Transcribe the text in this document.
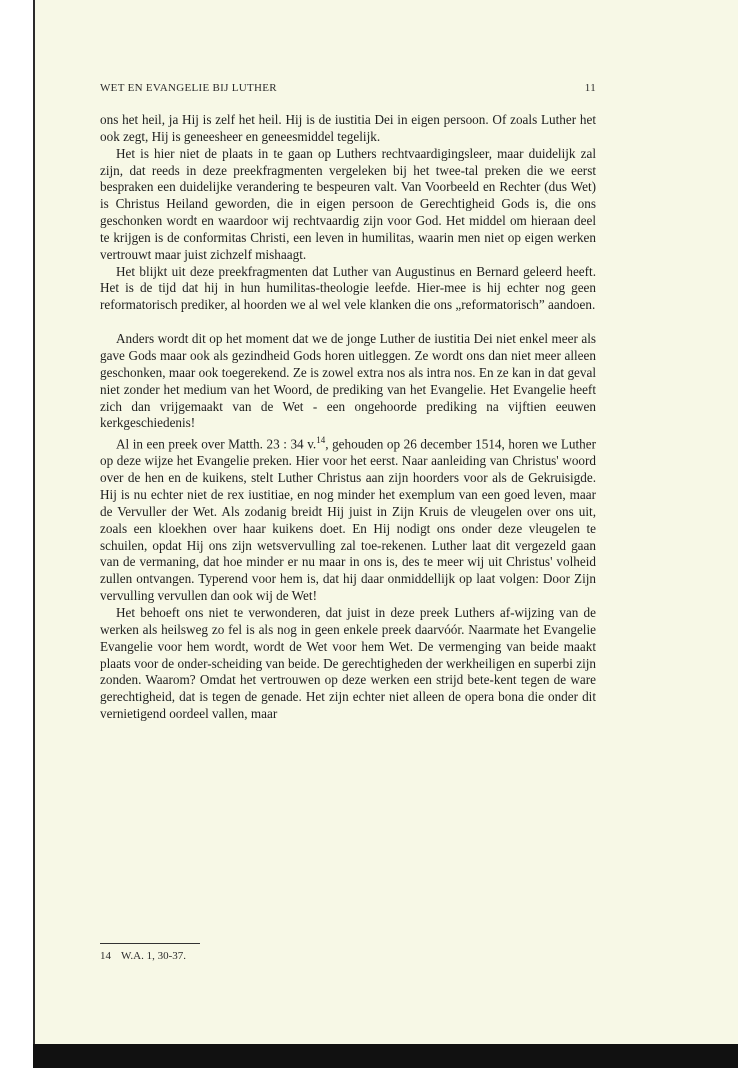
WET EN EVANGELIE BIJ LUTHER	11

ons het heil, ja Hij is zelf het heil. Hij is de iustitia Dei in eigen persoon. Of zoals Luther het ook zegt, Hij is geneesheer en geneesmiddel tegelijk.

Het is hier niet de plaats in te gaan op Luthers rechtvaardigingsleer, maar duidelijk zal zijn, dat reeds in deze preekfragmenten vergeleken bij het twee-tal preken die we eerst bespraken een duidelijke verandering te bespeuren valt. Van Voorbeeld en Rechter (dus Wet) is Christus Heiland geworden, die in eigen persoon de Gerechtigheid Gods is, die ons geschonken wordt en waardoor wij rechtvaardig zijn voor God. Het middel om hieraan deel te krijgen is de conformitas Christi, een leven in humilitas, waarin men niet op eigen werken vertrouwt maar juist zichzelf mishaagt.

Het blijkt uit deze preekfragmenten dat Luther van Augustinus en Bernard geleerd heeft. Het is de tijd dat hij in hun humilitas-theologie leefde. Hier-mee is hij echter nog geen reformatorisch prediker, al hoorden we al wel vele klanken die ons „reformatorisch” aandoen.

Anders wordt dit op het moment dat we de jonge Luther de iustitia Dei niet enkel meer als gave Gods maar ook als gezindheid Gods horen uitleggen. Ze wordt ons dan niet meer alleen geschonken, maar ook toegerekend. Ze is zowel extra nos als intra nos. En ze kan in dat geval niet zonder het medium van het Woord, de prediking van het Evangelie. Het Evangelie heeft zich dan vrijgemaakt van de Wet - een ongehoorde prediking na vijftien eeuwen kerkgeschiedenis!

Al in een preek over Matth. 23 : 34 v.$^{14}$, gehouden op 26 december 1514, horen we Luther op deze wijze het Evangelie preken. Hier voor het eerst. Naar aanleiding van Christus' woord over de hen en de kuikens, stelt Luther Christus aan zijn hoorders voor als de Gekruisigde. Hij is nu echter niet de rex iustitiae, en nog minder het exemplum van een goed leven, maar de Vervuller der Wet. Als zodanig breidt Hij juist in Zijn Kruis de vleugelen over ons uit, zoals een kloekhen over haar kuikens doet. En Hij nodigt ons onder deze vleugelen te schuilen, opdat Hij ons zijn wetsvervulling zal toe-rekenen. Luther laat dit vergezeld gaan van de vermaning, dat hoe minder er nu maar in ons is, des te meer wij uit Christus' volheid zullen ontvangen. Typerend voor hem is, dat hij daar onmiddellijk op laat volgen: Door Zijn vervulling vervullen dan ook wij de Wet!

Het behoeft ons niet te verwonderen, dat juist in deze preek Luthers af-wijzing van de werken als heilsweg zo fel is als nog in geen enkele preek daarvóór. Naarmate het Evangelie Evangelie voor hem wordt, wordt de Wet voor hem Wet. De vermenging van beide maakt plaats voor de onder-scheiding van beide. De gerechtigheden der werkheiligen en superbi zijn zonden. Waarom? Omdat het vertrouwen op deze werken een strijd bete-kent tegen de ware gerechtigheid, dat is tegen de genade. Het zijn echter niet alleen de opera bona die onder dit vernietigend oordeel vallen, maar

14 W.A. 1, 30-37.
